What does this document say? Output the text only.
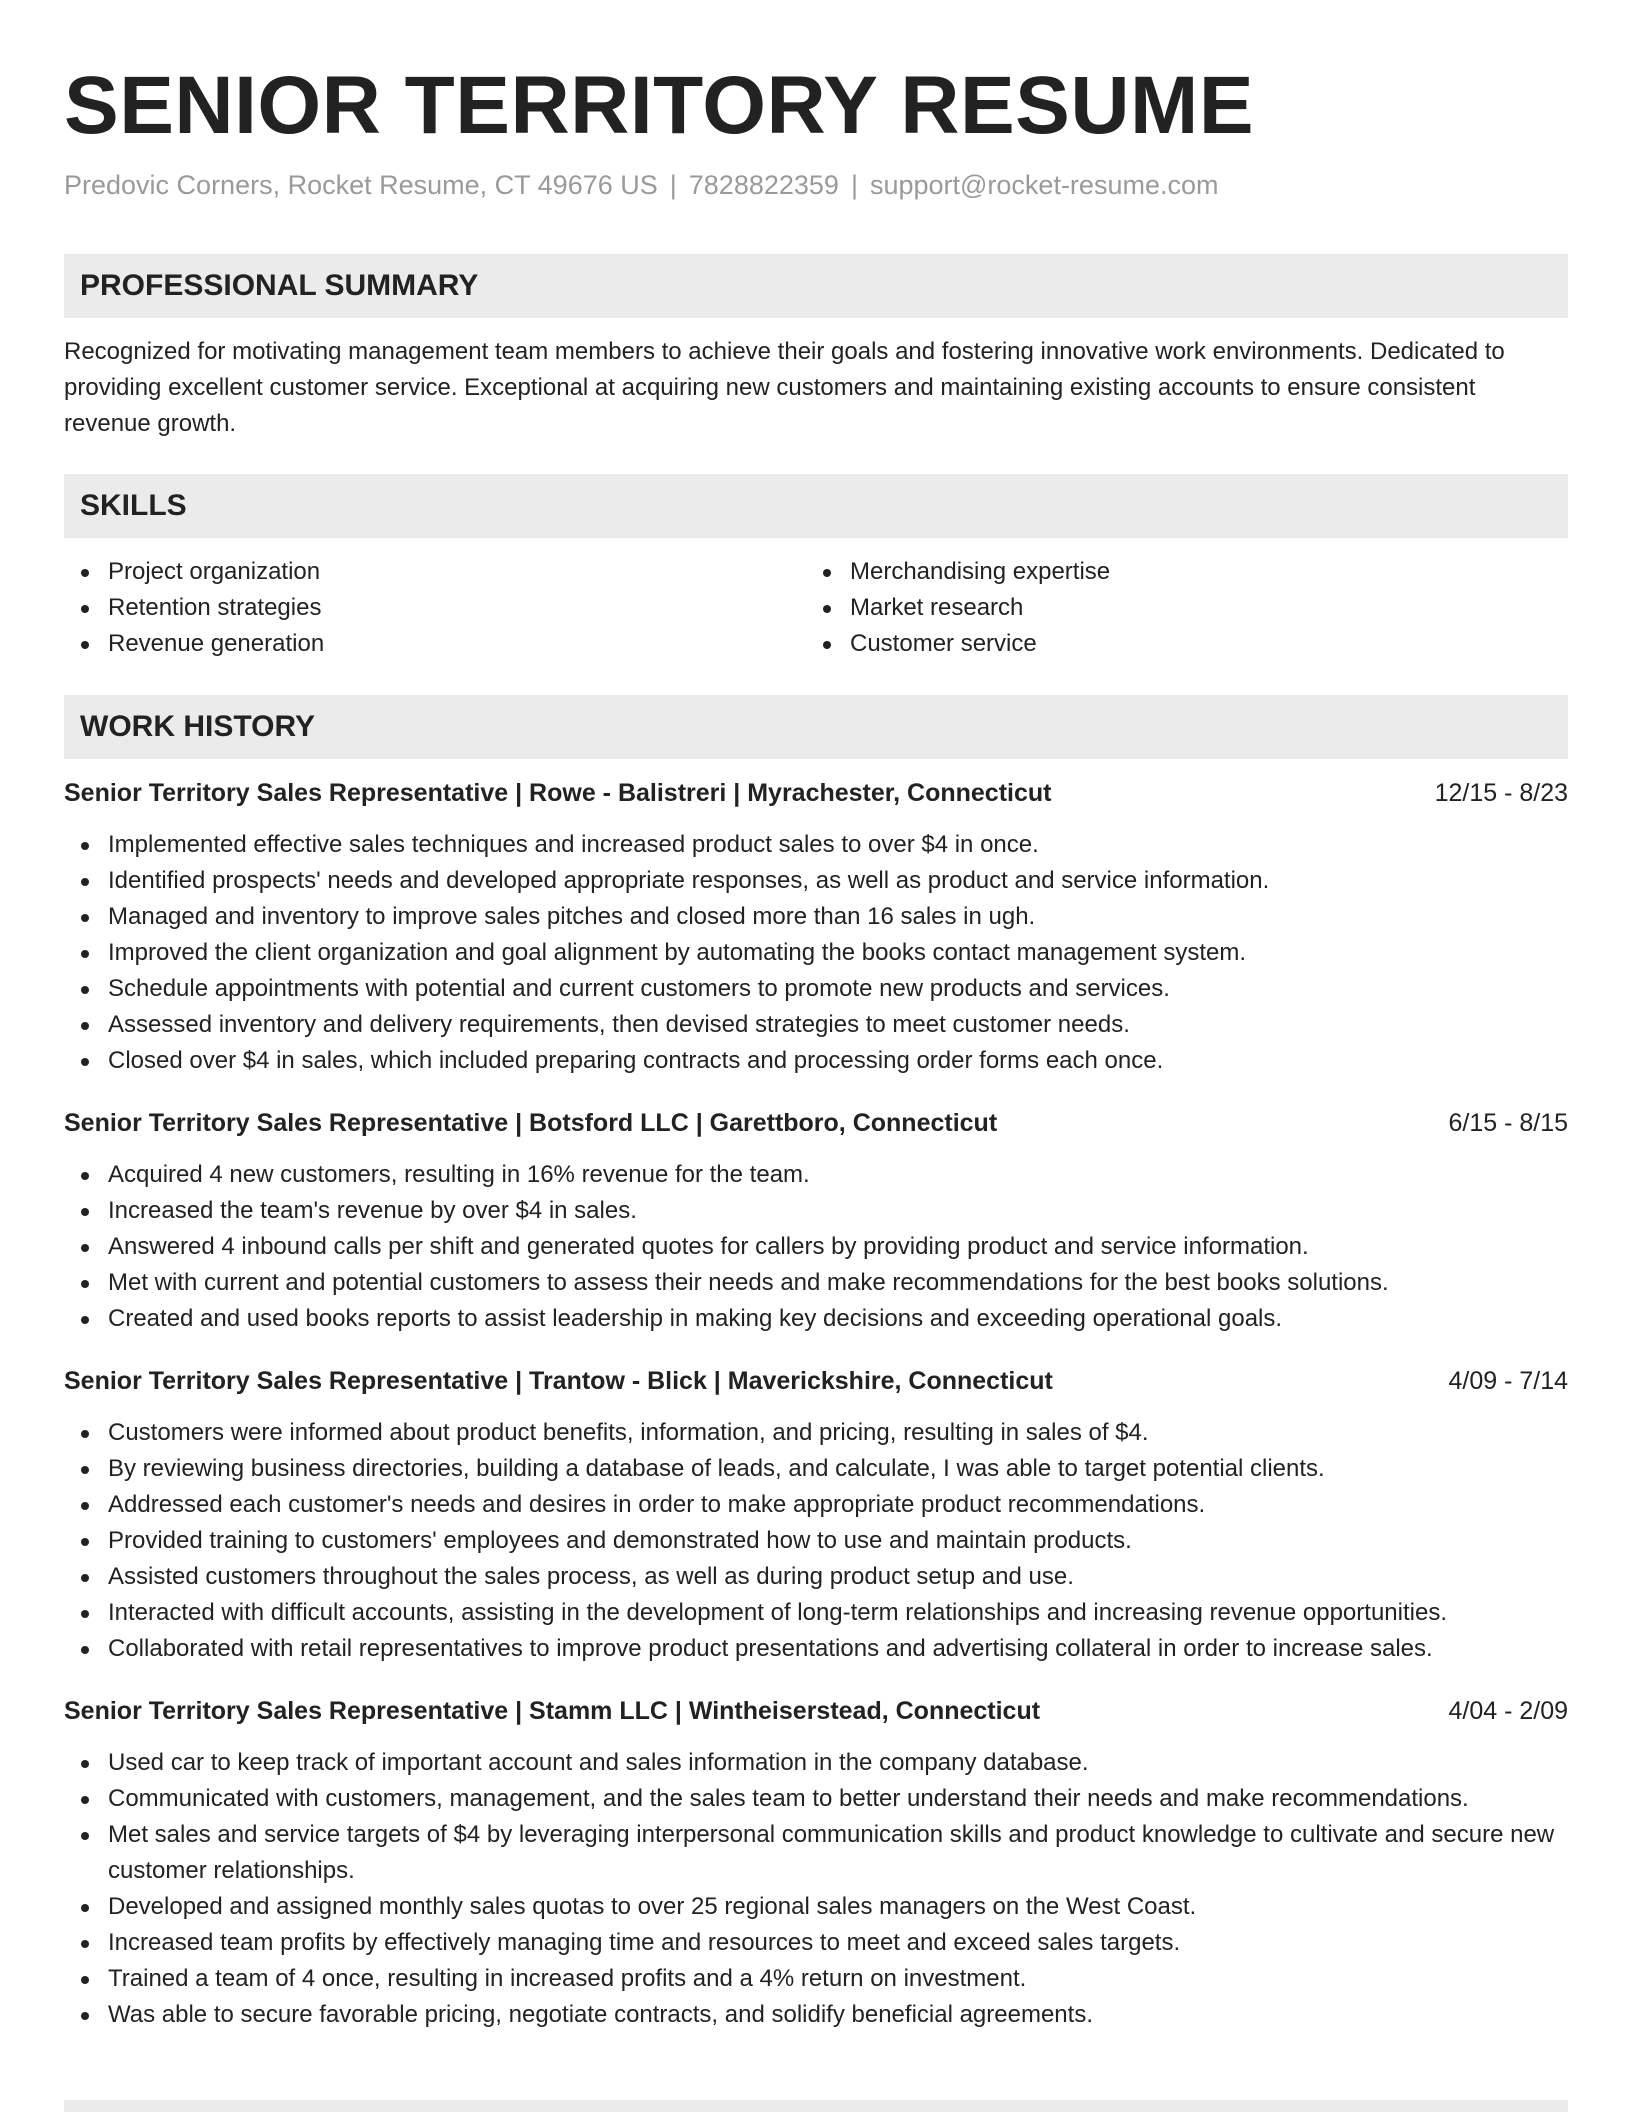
SENIOR TERRITORY RESUME
Predovic Corners, Rocket Resume, CT 49676 US | 7828822359 | support@rocket-resume.com
PROFESSIONAL SUMMARY

Recognized for motivating management team members to achieve their goals and fostering innovative work environments. Dedicated to providing excellent customer service. Exceptional at acquiring new customers and maintaining existing accounts to ensure consistent revenue growth.

SKILLS
Project organization
Retention strategies
Revenue generation
Merchandising expertise
Market research
Customer service
WORK HISTORY
Senior Territory Sales Representative | Rowe - Balistreri | Myrachester, Connecticut	12/15 - 8/23
Implemented effective sales techniques and increased product sales to over $4 in once.
Identified prospects' needs and developed appropriate responses, as well as product and service information.
Managed and inventory to improve sales pitches and closed more than 16 sales in ugh.
Improved the client organization and goal alignment by automating the books contact management system.
Schedule appointments with potential and current customers to promote new products and services.
Assessed inventory and delivery requirements, then devised strategies to meet customer needs.
Closed over $4 in sales, which included preparing contracts and processing order forms each once.
Senior Territory Sales Representative | Botsford LLC | Garettboro, Connecticut	6/15 - 8/15
Acquired 4 new customers, resulting in 16% revenue for the team.
Increased the team's revenue by over $4 in sales.
Answered 4 inbound calls per shift and generated quotes for callers by providing product and service information.
Met with current and potential customers to assess their needs and make recommendations for the best books solutions.
Created and used books reports to assist leadership in making key decisions and exceeding operational goals.
Senior Territory Sales Representative | Trantow - Blick | Maverickshire, Connecticut	4/09 - 7/14
Customers were informed about product benefits, information, and pricing, resulting in sales of $4.
By reviewing business directories, building a database of leads, and calculate, I was able to target potential clients.
Addressed each customer's needs and desires in order to make appropriate product recommendations.
Provided training to customers' employees and demonstrated how to use and maintain products.
Assisted customers throughout the sales process, as well as during product setup and use.
Interacted with difficult accounts, assisting in the development of long-term relationships and increasing revenue opportunities.
Collaborated with retail representatives to improve product presentations and advertising collateral in order to increase sales.
Senior Territory Sales Representative | Stamm LLC | Wintheiserstead, Connecticut	4/04 - 2/09
Used car to keep track of important account and sales information in the company database.
Communicated with customers, management, and the sales team to better understand their needs and make recommendations.
Met sales and service targets of $4 by leveraging interpersonal communication skills and product knowledge to cultivate and secure new customer relationships.
Developed and assigned monthly sales quotas to over 25 regional sales managers on the West Coast.
Increased team profits by effectively managing time and resources to meet and exceed sales targets.
Trained a team of 4 once, resulting in increased profits and a 4% return on investment.
Was able to secure favorable pricing, negotiate contracts, and solidify beneficial agreements.
